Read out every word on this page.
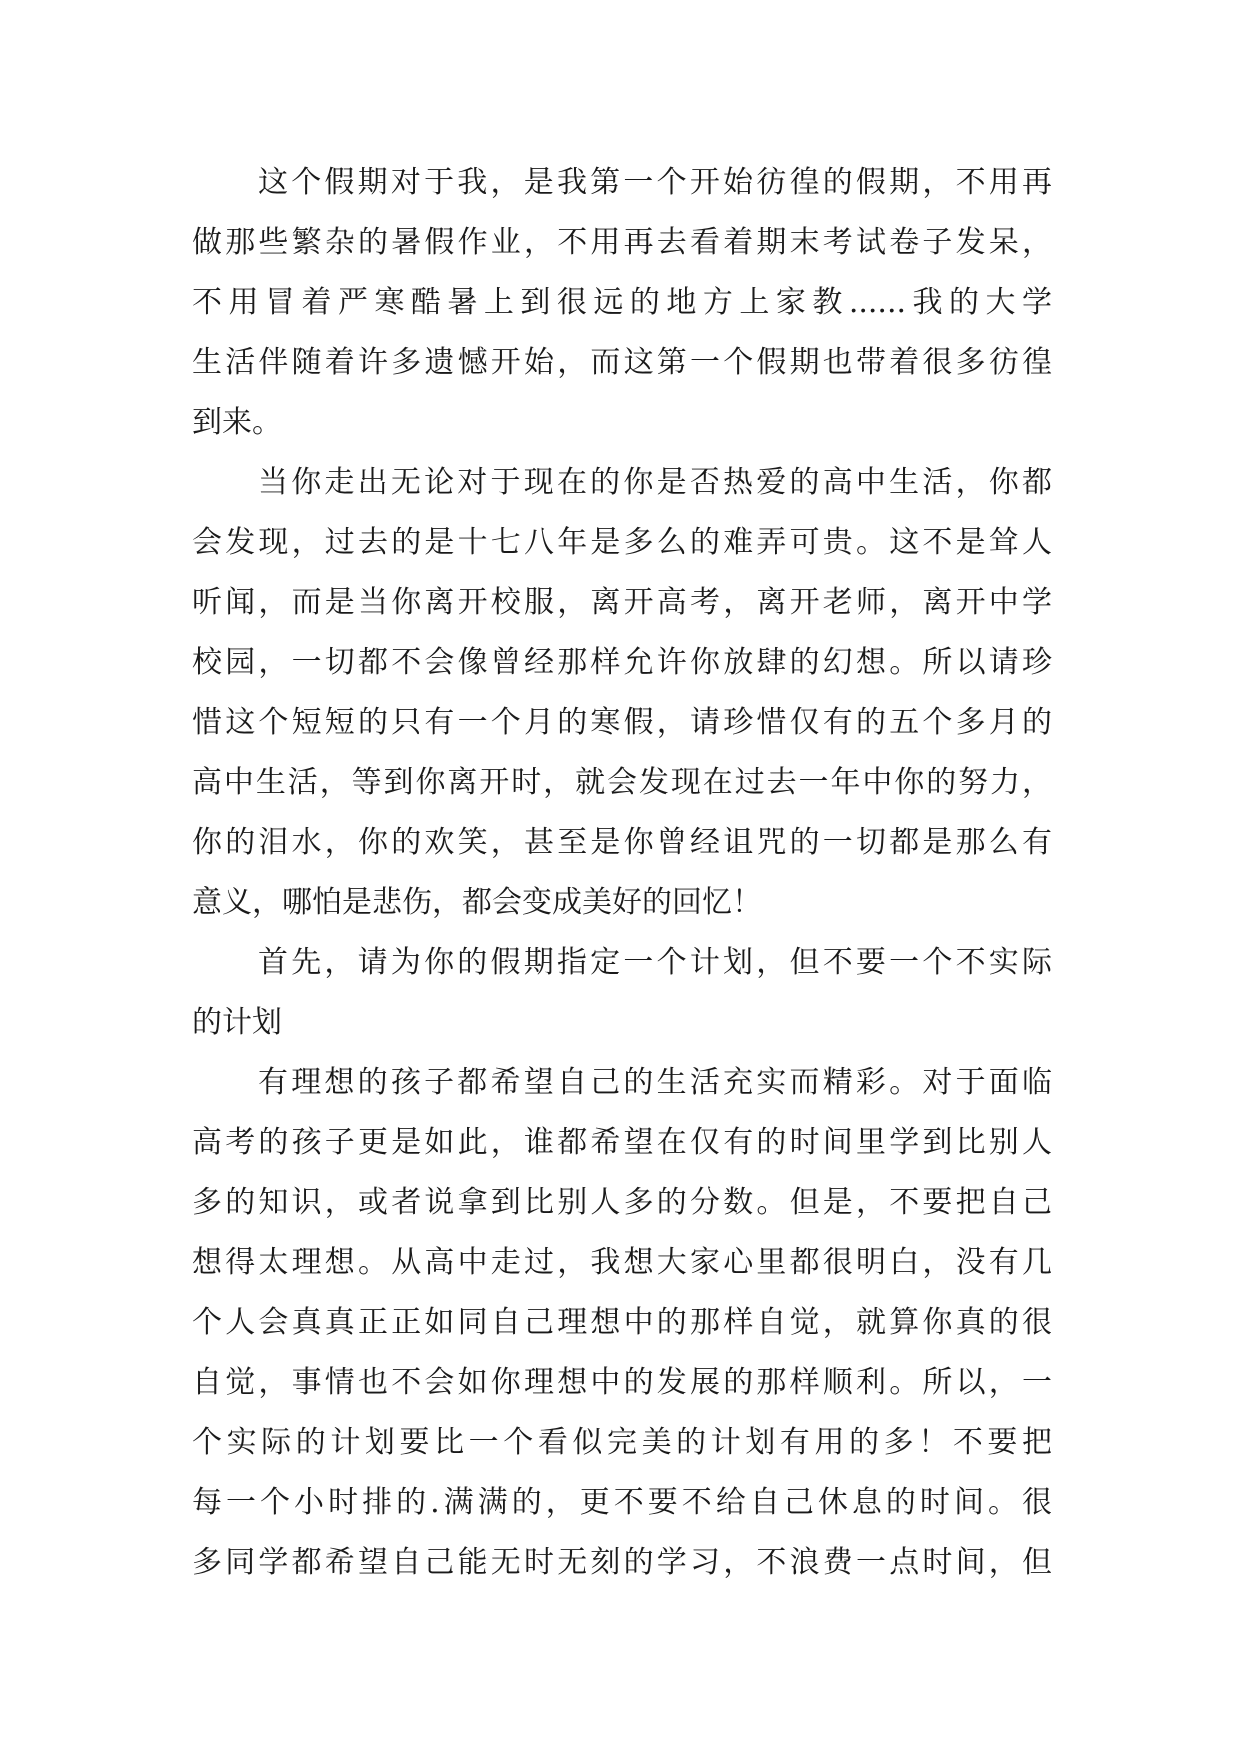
这个假期对于我，是我第一个开始彷徨的假期，不用再
做那些繁杂的暑假作业，不用再去看着期末考试卷子发呆，
不用冒着严寒酷暑上到很远的地方上家教......我的大学
生活伴随着许多遗憾开始，而这第一个假期也带着很多彷徨
到来。
当你走出无论对于现在的你是否热爱的高中生活，你都
会发现，过去的是十七八年是多么的难弄可贵。这不是耸人
听闻，而是当你离开校服，离开高考，离开老师，离开中学
校园，一切都不会像曾经那样允许你放肆的幻想。所以请珍
惜这个短短的只有一个月的寒假，请珍惜仅有的五个多月的
高中生活，等到你离开时，就会发现在过去一年中你的努力，
你的泪水，你的欢笑，甚至是你曾经诅咒的一切都是那么有
意义，哪怕是悲伤，都会变成美好的回忆！
首先，请为你的假期指定一个计划，但不要一个不实际
的计划
有理想的孩子都希望自己的生活充实而精彩。对于面临
高考的孩子更是如此，谁都希望在仅有的时间里学到比别人
多的知识，或者说拿到比别人多的分数。但是，不要把自己
想得太理想。从高中走过，我想大家心里都很明白，没有几
个人会真真正正如同自己理想中的那样自觉，就算你真的很
自觉，事情也不会如你理想中的发展的那样顺利。所以，一
个实际的计划要比一个看似完美的计划有用的多！不要把
每一个小时排的.满满的，更不要不给自己休息的时间。很
多同学都希望自己能无时无刻的学习，不浪费一点时间，但
